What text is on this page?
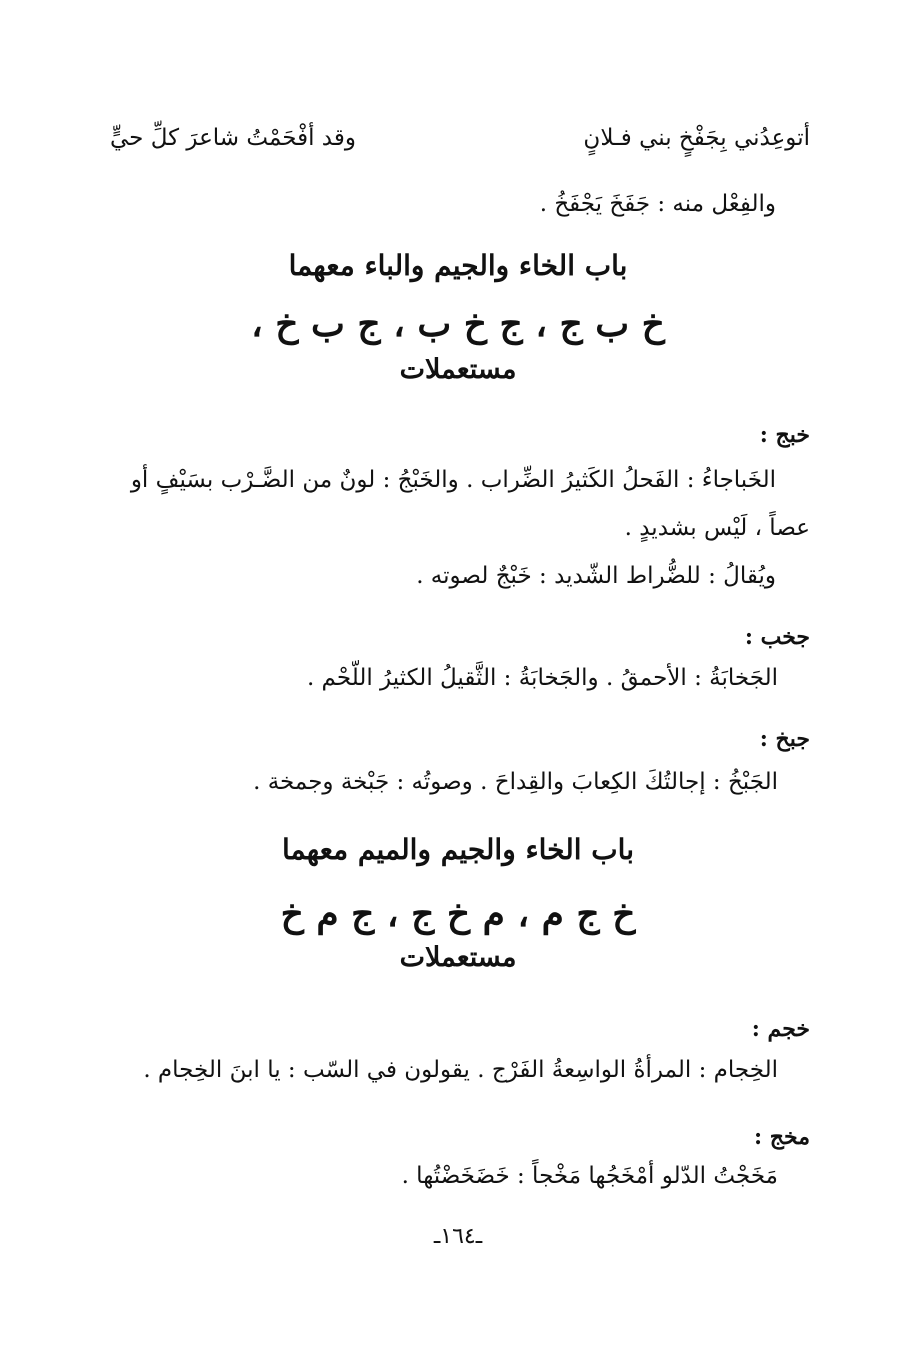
أتوعِدُني بِجَفْخٍ بني فـلانٍ
وقد أفْحَمْتُ شاعرَ كلِّ حيٍّ
والفِعْل منه : جَفَخَ يَجْفَخُ .
باب الخاء والجيم والباء معهما
خ ب ج ، ج خ ب ، ج ب خ ،
مستعملات
خبج :
الخَباجاءُ : الفَحلُ الكَثيرُ الضِّراب . والخَبْجُ : لونٌ من الضَّـرْب بسَيْفٍ أو
عصاً ، لَيْس بشديدٍ .
ويُقالُ : للضُّراط الشّديد : خَبْجٌ لصوته .
جخب :
الجَخابَةُ : الأحمقُ . والجَخابَةُ : الثَّقيلُ الكثيرُ اللّحْم .
جبخ :
الجَبْخُ : إجالتُكَ الكِعابَ والقِداحَ . وصوتُه : جَبْخة وجمخة .
باب الخاء والجيم والميم معهما
خ ج م ، م خ ج ، ج م خ
مستعملات
خجم :
الخِجام : المرأةُ الواسِعةُ الفَرْج . يقولون في السّب : يا ابنَ الخِجام .
مخج :
مَخَجْتُ الدّلو أمْخَجُها مَخْجاً : خَضَخَضْتُها .
ـ١٦٤ـ
